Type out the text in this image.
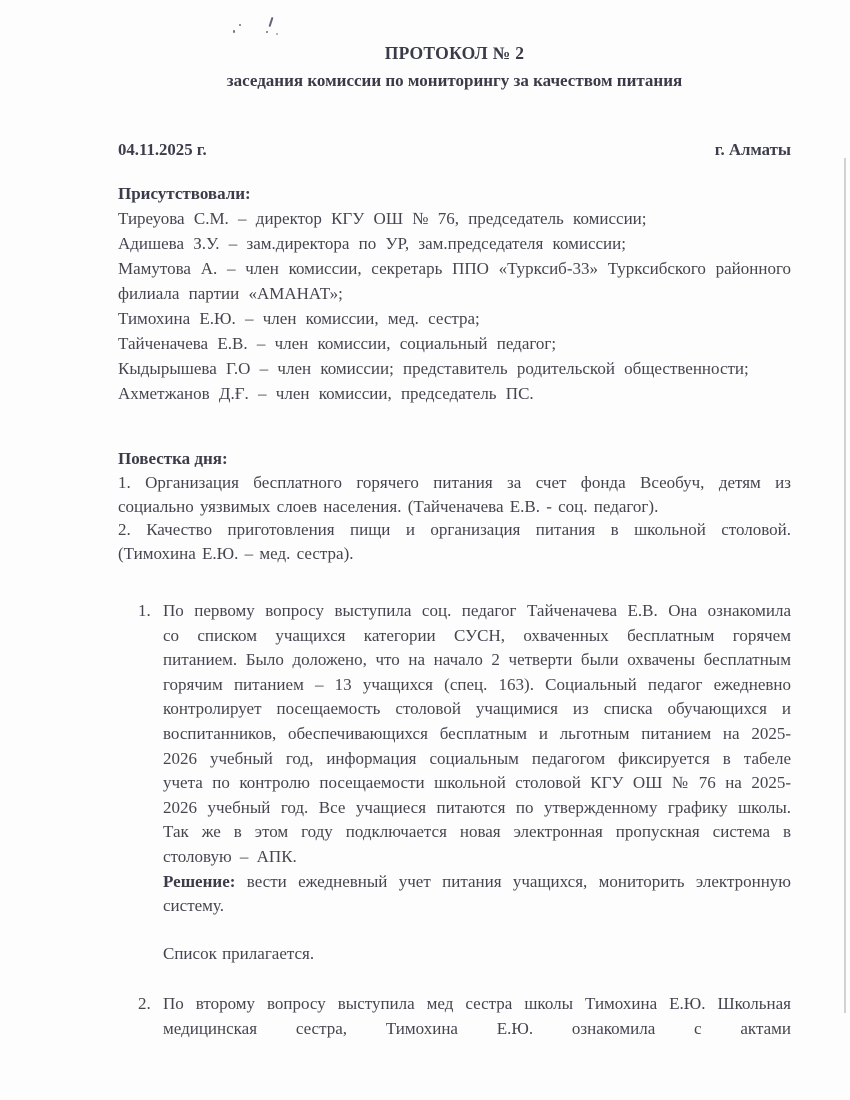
ПРОТОКОЛ № 2
заседания комиссии по мониторингу за качеством питания
04.11.2025 г.	г. Алматы

Присутствовали:

Тиреуова С.М. – директор КГУ ОШ № 76, председатель комиссии;

Адишева З.У. – зам.директора по УР, зам.председателя комиссии;

Мамутова А. – член комиссии, секретарь ППО «Турксиб-33» Турксибского районного филиала партии «АМАНАТ»;

Тимохина Е.Ю. – член комиссии, мед. сестра;

Тайченачева Е.В. – член комиссии, социальный педагог;

Кыдырышева Г.О – член комиссии; представитель родительской общественности;

Ахметжанов Д.Ғ. – член комиссии, председатель ПС.

Повестка дня:

1. Организация бесплатного горячего питания за счет фонда Всеобуч, детям из социально уязвимых слоев населения. (Тайченачева Е.В. - соц. педагог).

2. Качество приготовления пищи и организация питания в школьной столовой. (Тимохина Е.Ю. – мед. сестра).

1. По первому вопросу выступила соц. педагог Тайченачева Е.В. Она ознакомила со списком учащихся категории СУСН, охваченных бесплатным горячем питанием. Было доложено, что на начало 2 четверти были охвачены бесплатным горячим питанием – 13 учащихся (спец. 163). Социальный педагог ежедневно контролирует посещаемость столовой учащимися из списка обучающихся и воспитанников, обеспечивающихся бесплатным и льготным питанием на 2025-2026 учебный год, информация социальным педагогом фиксируется в табеле учета по контролю посещаемости школьной столовой КГУ ОШ № 76 на 2025-2026 учебный год. Все учащиеся питаются по утвержденному графику школы. Так же в этом году подключается новая электронная пропускная система в столовую – АПК.

Решение: вести ежедневный учет питания учащихся, мониторить электронную систему.

Список прилагается.

2. По второму вопросу выступила мед сестра школы Тимохина Е.Ю. Школьная медицинская сестра, Тимохина Е.Ю. ознакомила с актами
